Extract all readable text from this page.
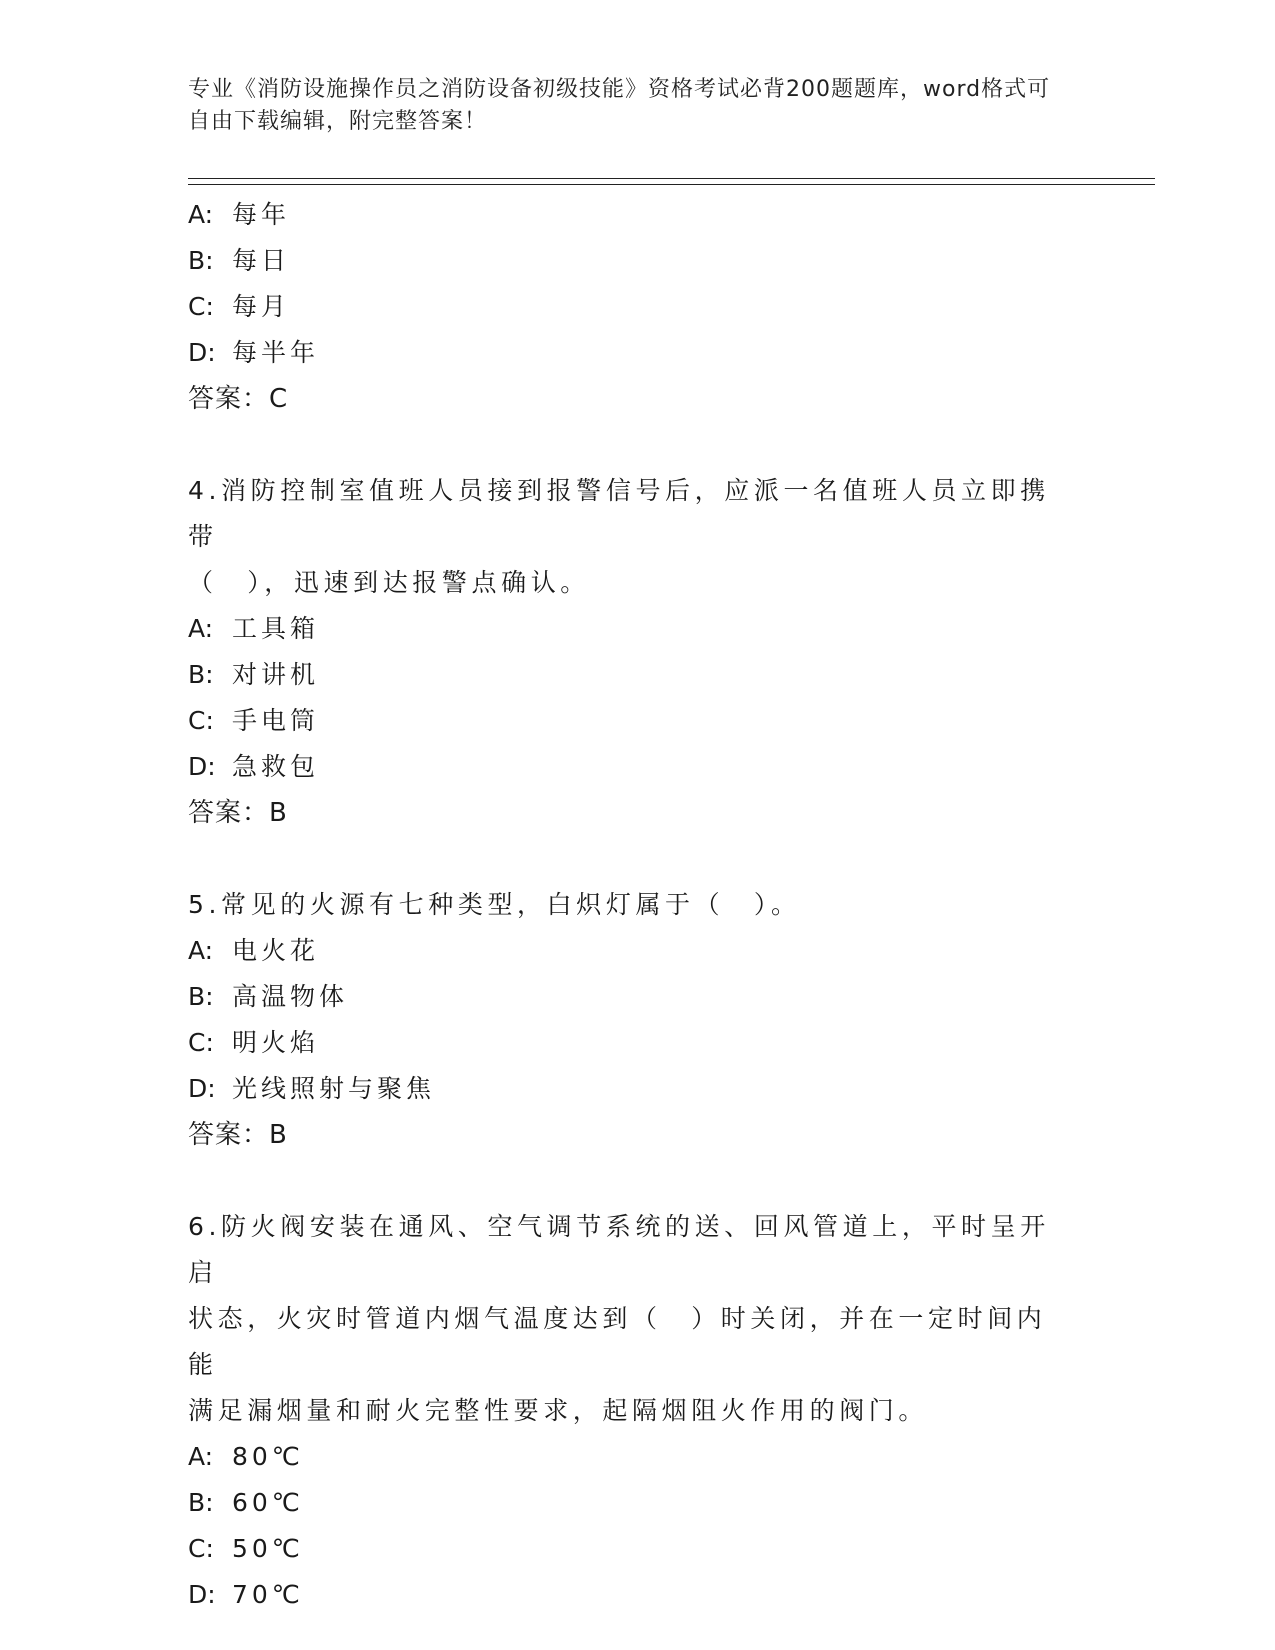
专业《消防设施操作员之消防设备初级技能》资格考试必背200题题库，word格式可自由下载编辑，附完整答案！
A: 每年
B: 每日
C: 每月
D: 每半年
答案：C
4.消防控制室值班人员接到报警信号后，应派一名值班人员立即携带
（　），迅速到达报警点确认。
A: 工具箱
B: 对讲机
C: 手电筒
D: 急救包
答案：B
5.常见的火源有七种类型，白炽灯属于（　）。
A: 电火花
B: 高温物体
C: 明火焰
D: 光线照射与聚焦
答案：B
6.防火阀安装在通风、空气调节系统的送、回风管道上，平时呈开启
状态，火灾时管道内烟气温度达到（　）时关闭，并在一定时间内能
满足漏烟量和耐火完整性要求，起隔烟阻火作用的阀门。
A: 80℃
B: 60℃
C: 50℃
D: 70℃
